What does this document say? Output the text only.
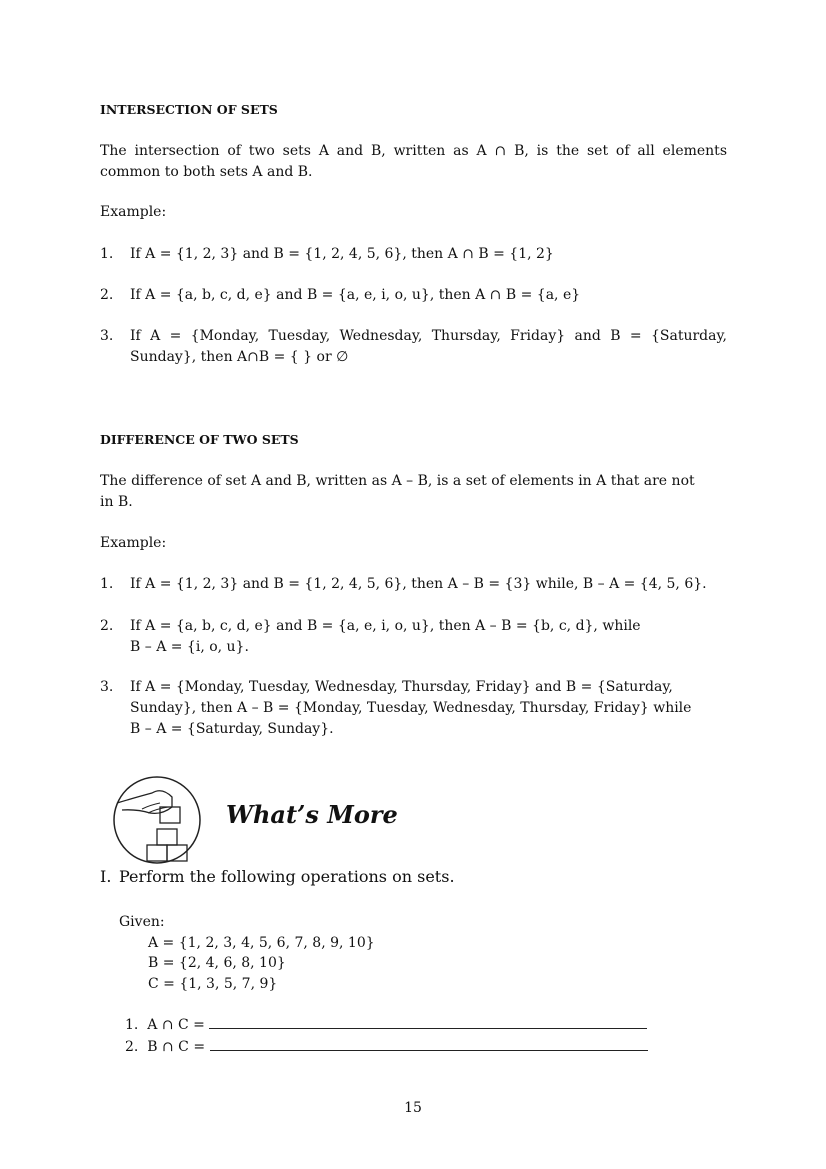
INTERSECTION OF SETS
The intersection of two sets A and B, written as A ∩ B, is the set of all elements
common to both sets A and B.
Example:
1. If A = {1, 2, 3} and B = {1, 2, 4, 5, 6}, then A ∩ B = {1, 2}
2. If A = {a, b, c, d, e} and B = {a, e, i, o, u}, then A ∩ B = {a, e}
3. If A = {Monday, Tuesday, Wednesday, Thursday, Friday} and B = {Saturday,
Sunday}, then A∩B = { } or ∅
DIFFERENCE OF TWO SETS
The difference of set A and B, written as A – B, is a set of elements in A that are not
in B.
Example:
1. If A = {1, 2, 3} and B = {1, 2, 4, 5, 6}, then A – B = {3} while, B – A = {4, 5, 6}.
2. If A = {a, b, c, d, e} and B = {a, e, i, o, u}, then A – B = {b, c, d}, while
B – A = {i, o, u}.
3. If A = {Monday, Tuesday, Wednesday, Thursday, Friday} and B = {Saturday,
Sunday}, then A – B = {Monday, Tuesday, Wednesday, Thursday, Friday} while
B – A = {Saturday, Sunday}.
What’s More
I. Perform the following operations on sets.
Given:
A = {1, 2, 3, 4, 5, 6, 7, 8, 9, 10}
B = {2, 4, 6, 8, 10}
C = {1, 3, 5, 7, 9}
1. A ∩ C =
2. B ∩ C =
15
